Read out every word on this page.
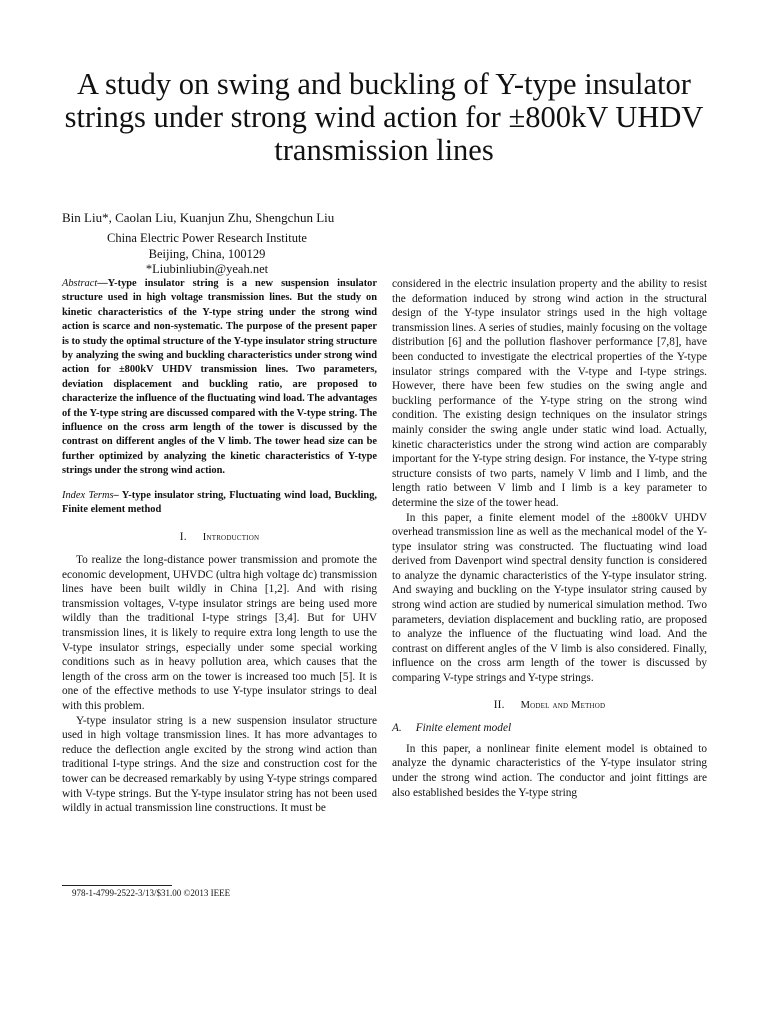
A study on swing and buckling of Y-type insulator strings under strong wind action for ±800kV UHDV transmission lines
Bin Liu*, Caolan Liu, Kuanjun Zhu, Shengchun Liu
China Electric Power Research Institute
Beijing, China, 100129
*Liubinliubin@yeah.net

Abstract—Y-type insulator string is a new suspension insulator structure used in high voltage transmission lines. But the study on kinetic characteristics of the Y-type string under the strong wind action is scarce and non-systematic. The purpose of the present paper is to study the optimal structure of the Y-type insulator string structure by analyzing the swing and buckling characteristics under strong wind action for ±800kV UHDV transmission lines. Two parameters, deviation displacement and buckling ratio, are proposed to characterize the influence of the fluctuating wind load. The advantages of the Y-type string are discussed compared with the V-type string. The influence on the cross arm length of the tower is discussed by the contrast on different angles of the V limb. The tower head size can be further optimized by analyzing the kinetic characteristics of Y-type strings under the strong wind action.

Index Terms– Y-type insulator string, Fluctuating wind load, Buckling, Finite element method

I. Introduction

To realize the long-distance power transmission and promote the economic development, UHVDC (ultra high voltage dc) transmission lines have been built wildly in China [1,2]. And with rising transmission voltages, V-type insulator strings are being used more wildly than the traditional I-type strings [3,4]. But for UHV transmission lines, it is likely to require extra long length to use the V-type insulator strings, especially under some special working conditions such as in heavy pollution area, which causes that the length of the cross arm on the tower is increased too much [5]. It is one of the effective methods to use Y-type insulator strings to deal with this problem.

Y-type insulator string is a new suspension insulator structure used in high voltage transmission lines. It has more advantages to reduce the deflection angle excited by the strong wind action than traditional I-type strings. And the size and construction cost for the tower can be decreased remarkably by using Y-type strings compared with V-type strings. But the Y-type insulator string has not been used wildly in actual transmission line constructions. It must be

considered in the electric insulation property and the ability to resist the deformation induced by strong wind action in the structural design of the Y-type insulator strings used in the high voltage transmission lines. A series of studies, mainly focusing on the voltage distribution [6] and the pollution flashover performance [7,8], have been conducted to investigate the electrical properties of the Y-type insulator strings compared with the V-type and I-type strings. However, there have been few studies on the swing angle and buckling performance of the Y-type string on the strong wind condition. The existing design techniques on the insulator strings mainly consider the swing angle under static wind load. Actually, kinetic characteristics under the strong wind action are comparably important for the Y-type string design. For instance, the Y-type string structure consists of two parts, namely V limb and I limb, and the length ratio between V limb and I limb is a key parameter to determine the size of the tower head.

In this paper, a finite element model of the ±800kV UHDV overhead transmission line as well as the mechanical model of the Y-type insulator string was constructed. The fluctuating wind load derived from Davenport wind spectral density function is considered to analyze the dynamic characteristics of the Y-type insulator string. And swaying and buckling on the Y-type insulator string caused by strong wind action are studied by numerical simulation method. Two parameters, deviation displacement and buckling ratio, are proposed to analyze the influence of the fluctuating wind load. And the contrast on different angles of the V limb is also considered. Finally, influence on the cross arm length of the tower is discussed by comparing V-type strings and Y-type strings.

II. Model and Method
A. Finite element model

In this paper, a nonlinear finite element model is obtained to analyze the dynamic characteristics of the Y-type insulator string under the strong wind action. The conductor and joint fittings are also established besides the Y-type string

978-1-4799-2522-3/13/$31.00 ©2013 IEEE
